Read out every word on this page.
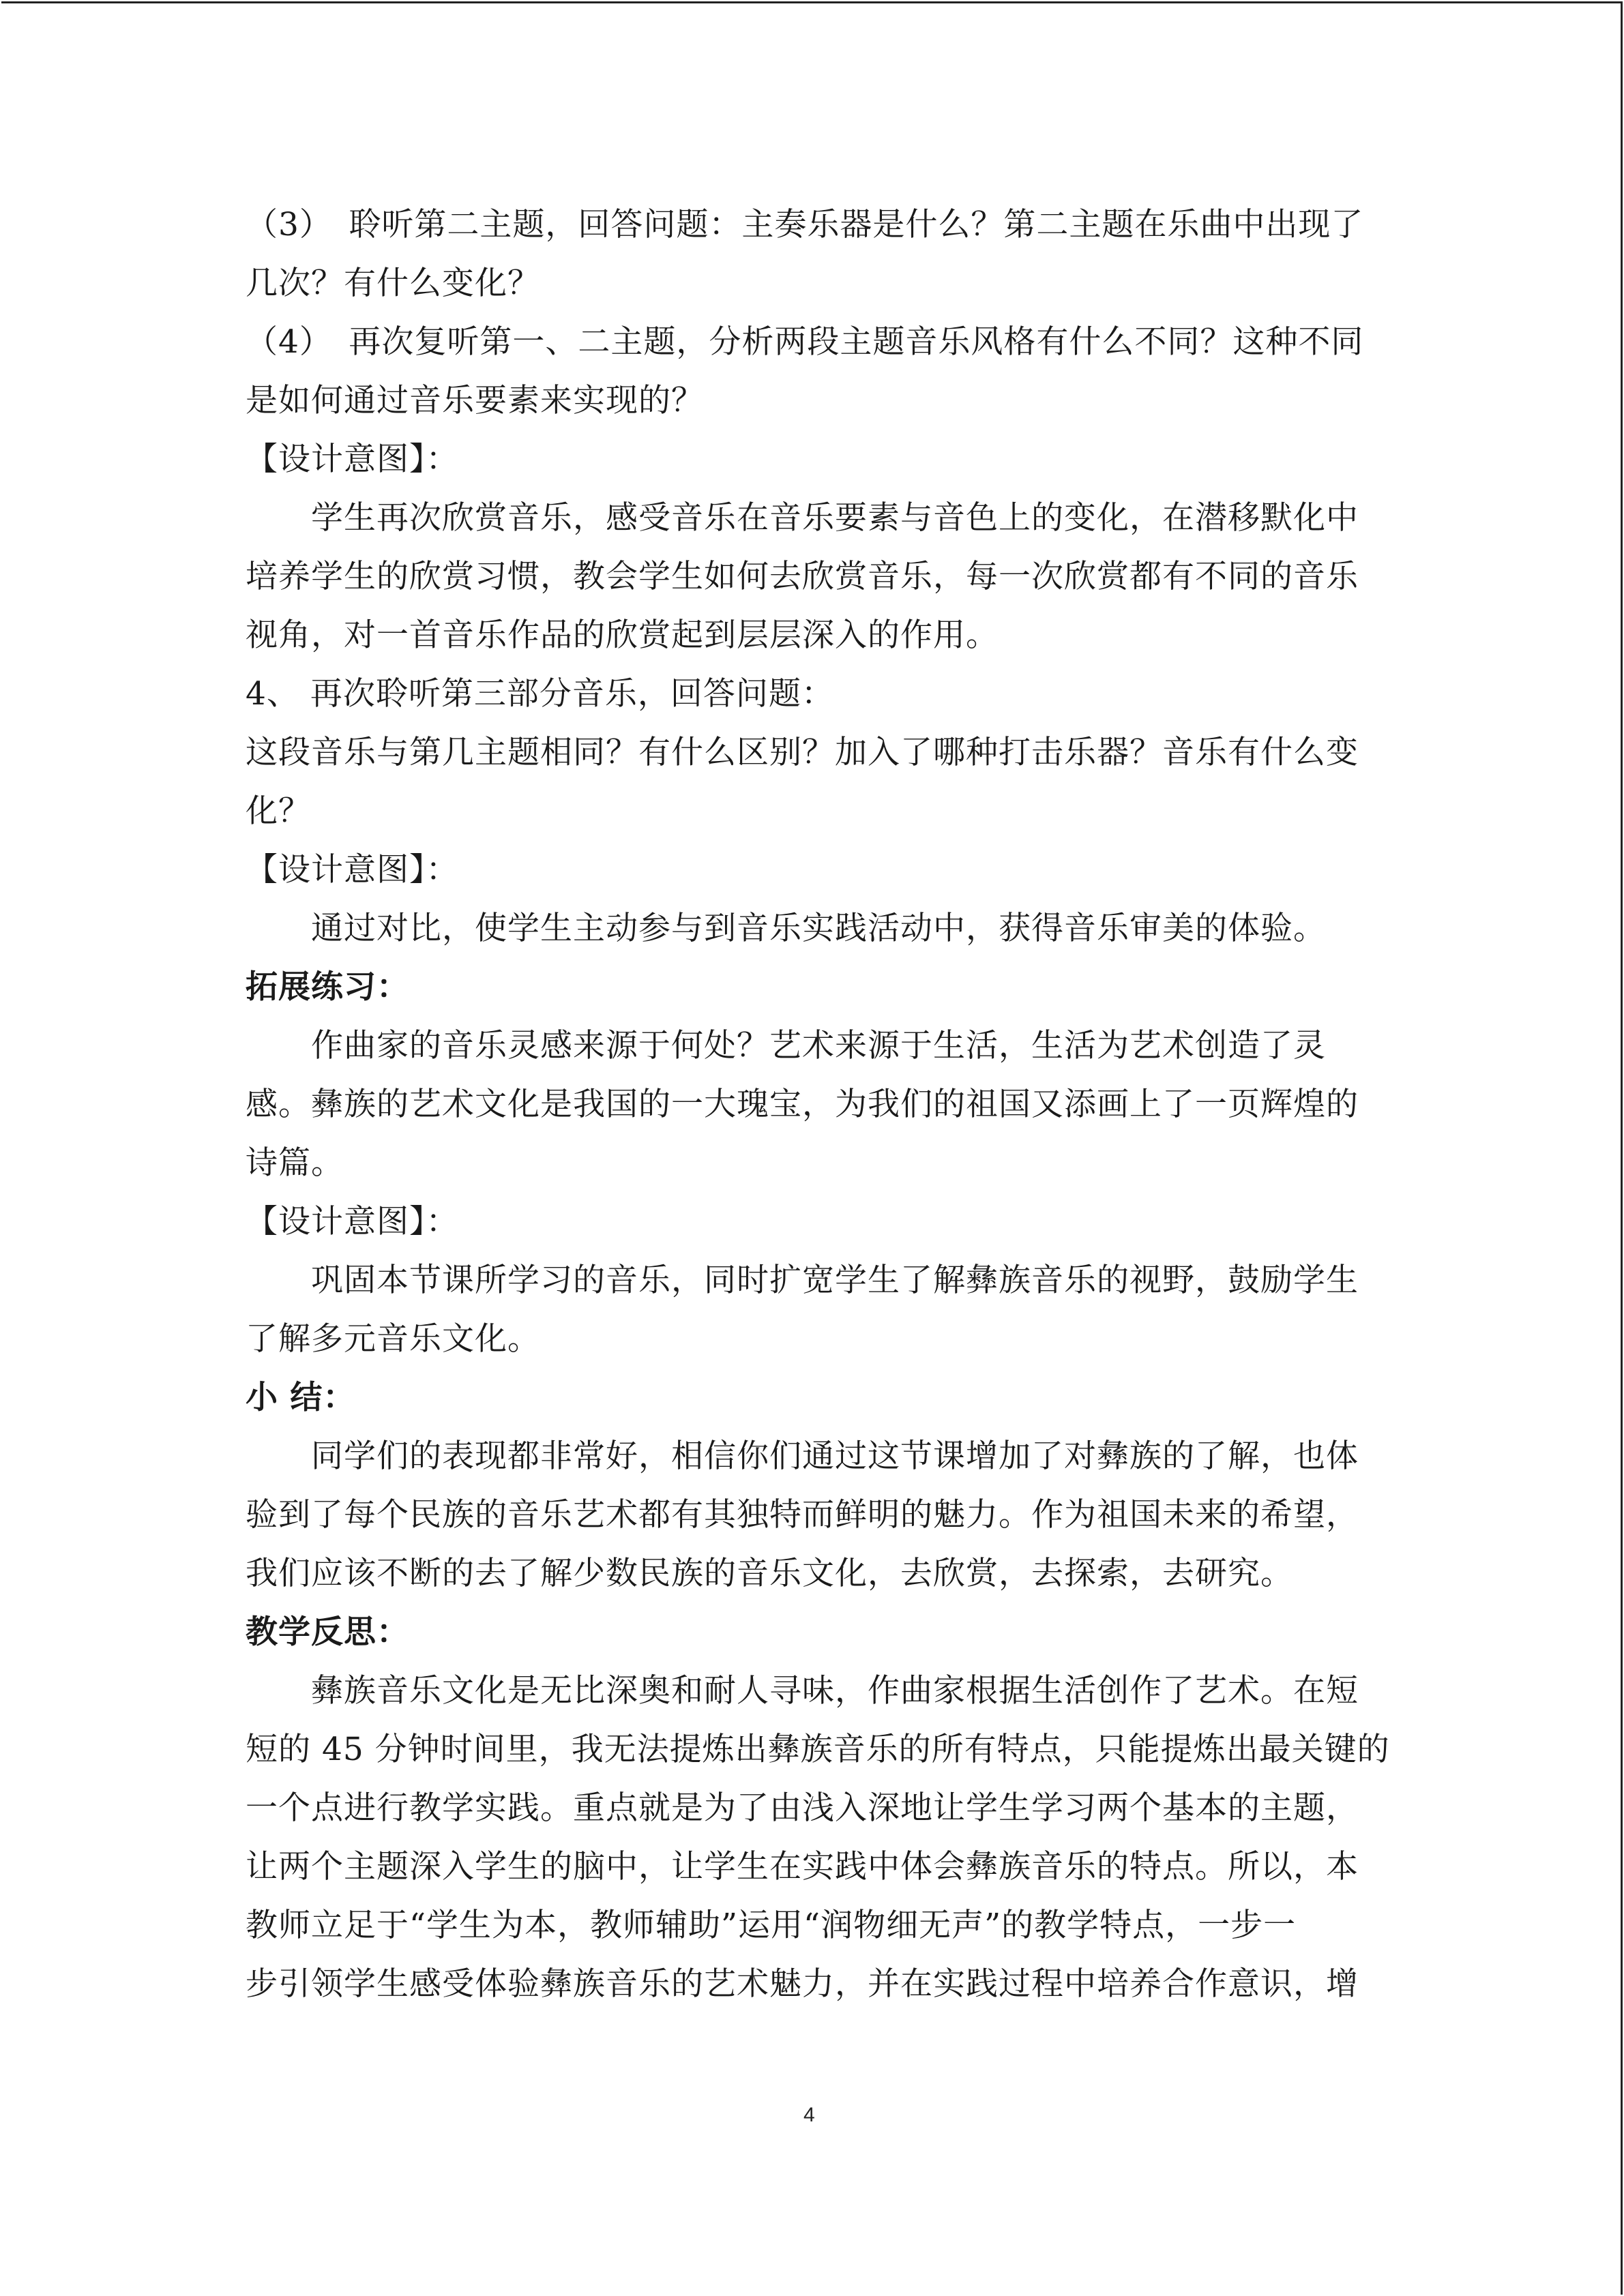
（3）　聆听第二主题，回答问题：主奏乐器是什么？第二主题在乐曲中出现了
几次？有什么变化？
（4）　再次复听第一、二主题，分析两段主题音乐风格有什么不同？这种不同
是如何通过音乐要素来实现的？
【设计意图】：
学生再次欣赏音乐，感受音乐在音乐要素与音色上的变化，在潜移默化中
培养学生的欣赏习惯，教会学生如何去欣赏音乐，每一次欣赏都有不同的音乐
视角，对一首音乐作品的欣赏起到层层深入的作用。
4、 再次聆听第三部分音乐，回答问题：
这段音乐与第几主题相同？有什么区别？加入了哪种打击乐器？音乐有什么变
化？
【设计意图】：
通过对比，使学生主动参与到音乐实践活动中，获得音乐审美的体验。
拓展练习：
作曲家的音乐灵感来源于何处？艺术来源于生活，生活为艺术创造了灵
感。彝族的艺术文化是我国的一大瑰宝，为我们的祖国又添画上了一页辉煌的
诗篇。
【设计意图】：
巩固本节课所学习的音乐，同时扩宽学生了解彝族音乐的视野，鼓励学生
了解多元音乐文化。
小 结：
同学们的表现都非常好，相信你们通过这节课增加了对彝族的了解，也体
验到了每个民族的音乐艺术都有其独特而鲜明的魅力。作为祖国未来的希望，
我们应该不断的去了解少数民族的音乐文化，去欣赏，去探索，去研究。
教学反思：
彝族音乐文化是无比深奥和耐人寻味，作曲家根据生活创作了艺术。在短
短的 45 分钟时间里，我无法提炼出彝族音乐的所有特点，只能提炼出最关键的
一个点进行教学实践。重点就是为了由浅入深地让学生学习两个基本的主题，
让两个主题深入学生的脑中，让学生在实践中体会彝族音乐的特点。所以，本
教师立足于“学生为本，教师辅助”运用“润物细无声”的教学特点，一步一
步引领学生感受体验彝族音乐的艺术魅力，并在实践过程中培养合作意识，增
4
